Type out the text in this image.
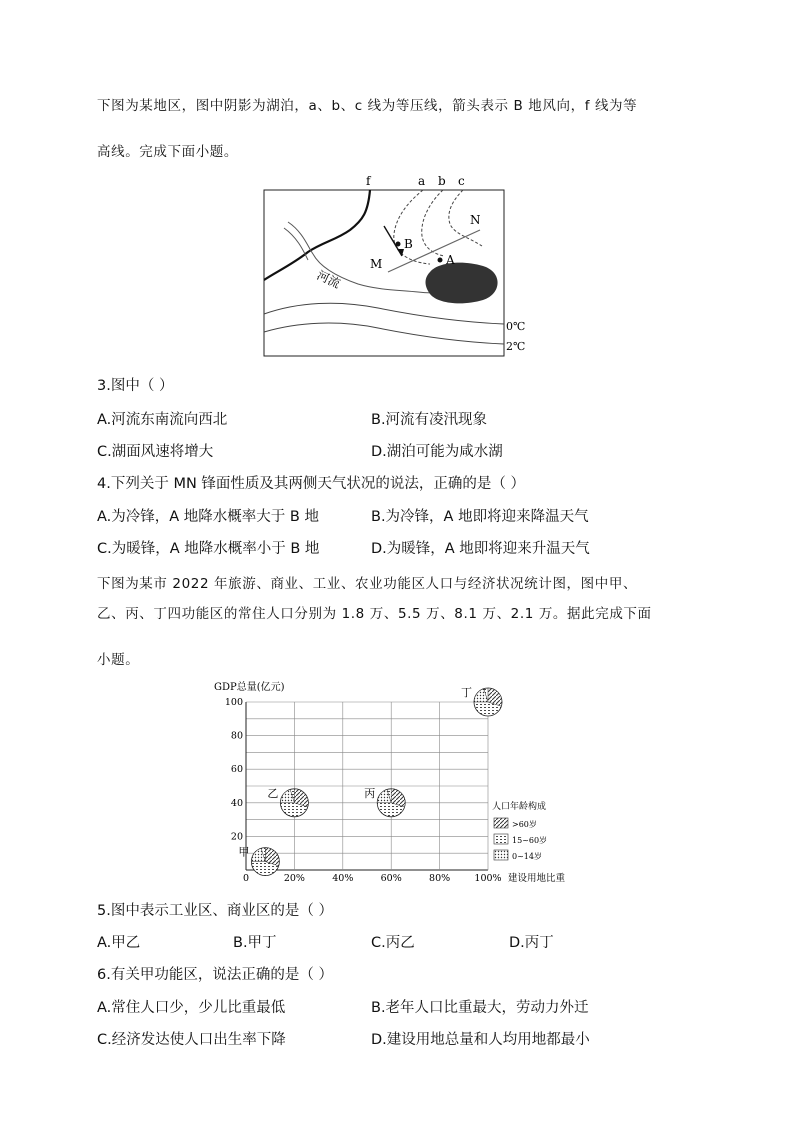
下图为某地区，图中阴影为湖泊，a、b、c 线为等压线，箭头表示 B 地风向，f 线为等
高线。完成下面小题。
f	a b c
N
M
B
A
河流
0℃
2℃
3.图中（ ）
A.河流东南流向西北	B.河流有凌汛现象
C.湖面风速将增大	D.湖泊可能为咸水湖
4.下列关于 MN 锋面性质及其两侧天气状况的说法，正确的是（ ）
A.为冷锋，A 地降水概率大于 B 地	B.为冷锋，A 地即将迎来降温天气
C.为暖锋，A 地降水概率小于 B 地	D.为暖锋，A 地即将迎来升温天气
下图为某市 2022 年旅游、商业、工业、农业功能区人口与经济状况统计图，图中甲、
乙、丙、丁四功能区的常住人口分别为 1.8 万、5.5 万、8.1 万、2.1 万。据此完成下面
小题。
GDP总量(亿元)
0	20%	40%	60%	80%	100%
20
40
60
80
100
甲
乙	丙
丁
人口年龄构成
>60岁
15~60岁
0~14岁
建设用地比重
5.图中表示工业区、商业区的是（ ）
A.甲乙	B.甲丁	C.丙乙	D.丙丁
6.有关甲功能区，说法正确的是（ ）
A.常住人口少，少儿比重最低	B.老年人口比重最大，劳动力外迁
C.经济发达使人口出生率下降	D.建设用地总量和人均用地都最小
